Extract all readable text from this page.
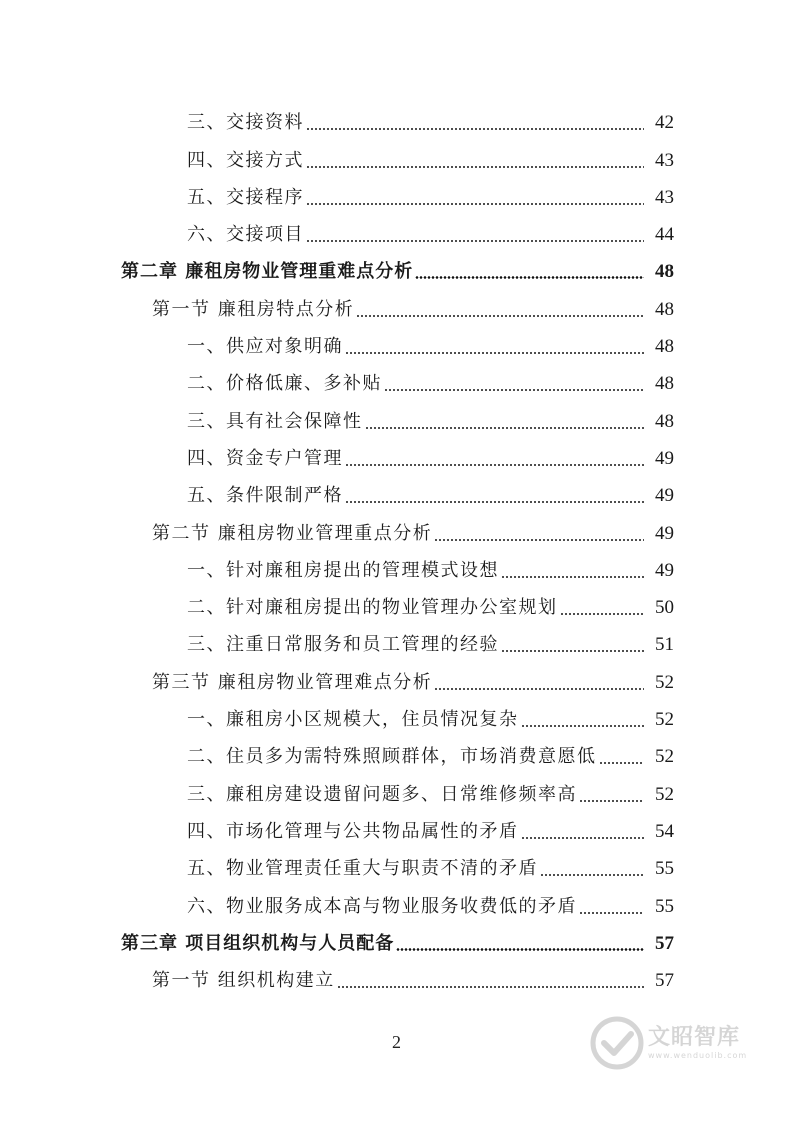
三、交接资料	42
四、交接方式	43
五、交接程序	43
六、交接项目	44
第二章 廉租房物业管理重难点分析	48
第一节 廉租房特点分析	48
一、供应对象明确	48
二、价格低廉、多补贴	48
三、具有社会保障性	48
四、资金专户管理	49
五、条件限制严格	49
第二节 廉租房物业管理重点分析	49
一、针对廉租房提出的管理模式设想	49
二、针对廉租房提出的物业管理办公室规划	50
三、注重日常服务和员工管理的经验	51
第三节 廉租房物业管理难点分析	52
一、廉租房小区规模大，住员情况复杂	52
二、住员多为需特殊照顾群体，市场消费意愿低	52
三、廉租房建设遗留问题多、日常维修频率高	52
四、市场化管理与公共物品属性的矛盾	54
五、物业管理责任重大与职责不清的矛盾	55
六、物业服务成本高与物业服务收费低的矛盾	55
第三章 项目组织机构与人员配备	57
第一节 组织机构建立	57
2	文眧智库
www.wenduolib.com
